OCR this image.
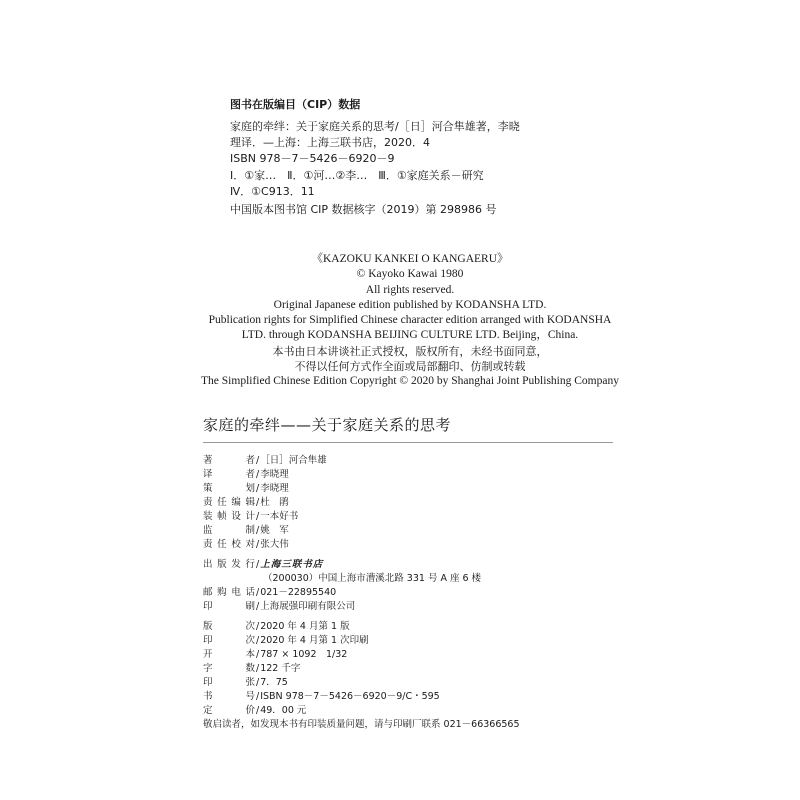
图书在版编目（CIP）数据
家庭的牵绊：关于家庭关系的思考/［日］河合隼雄著，李晓
理译．—上海：上海三联书店，2020．4
ISBN 978－7－5426－6920－9
Ⅰ．①家…　Ⅱ．①河…②李…　Ⅲ．①家庭关系－研究
Ⅳ．①C913．11
中国版本图书馆 CIP 数据核字（2019）第 298986 号
《KAZOKU KANKEI O KANGAERU》
© Kayoko Kawai 1980
All rights reserved.
Original Japanese edition published by KODANSHA LTD.
Publication rights for Simplified Chinese character edition arranged with KODANSHA
LTD. through KODANSHA BEIJING CULTURE LTD. Beijing，China.
本书由日本讲谈社正式授权，版权所有，未经书面同意，
不得以任何方式作全面或局部翻印、仿制或转载
The Simplified Chinese Edition Copyright © 2020 by Shanghai Joint Publishing Company
家庭的牵绊——关于家庭关系的思考
著者/［日］河合隼雄
译者/李晓理
策划/李晓理
责任编辑/杜　鹃
装帧设计/一本好书
监制/姚　军
责任校对/张大伟
出版发行/上海三联书店
（200030）中国上海市漕溪北路 331 号 A 座 6 楼
邮购电话/021－22895540
印刷/上海展强印刷有限公司
版次/2020 年 4 月第 1 版
印次/2020 年 4 月第 1 次印刷
开本/787 × 1092　1/32
字数/122 千字
印张/7．75
书号/ISBN 978－7－5426－6920－9/C・595
定价/49．00 元
敬启读者，如发现本书有印装质量问题，请与印刷厂联系 021－66366565
